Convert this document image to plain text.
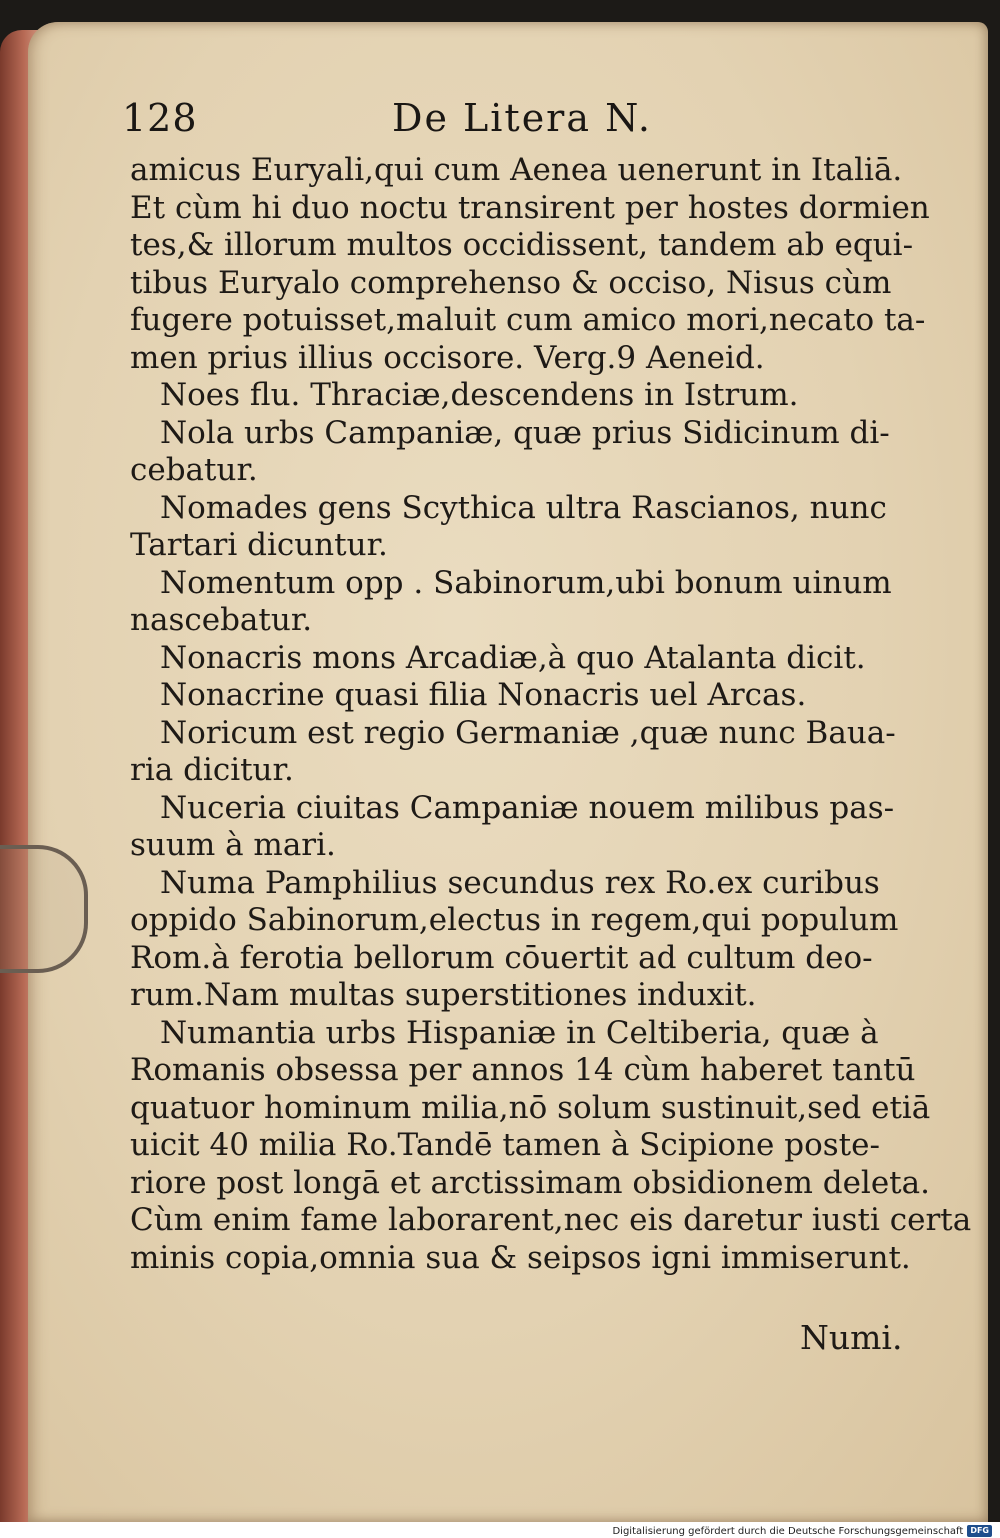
128	De Litera N.
amicus Euryali,qui cum Aenea uenerunt in Italiā.
Et cùm hi duo noctu transirent per hostes dormien
tes,& illorum multos occidissent, tandem ab equi-
tibus Euryalo comprehenso & occiso, Nisus cùm
fugere potuisset,maluit cum amico mori,necato ta-
men prius illius occisore. Verg.9 Aeneid.
Noes flu. Thraciæ,descendens in Istrum.
Nola urbs Campaniæ, quæ prius Sidicinum di-
cebatur.
Nomades gens Scythica ultra Rascianos, nunc
Tartari dicuntur.
Nomentum opp . Sabinorum,ubi bonum uinum
nascebatur.
Nonacris mons Arcadiæ,à quo Atalanta dicit.
Nonacrine quasi filia Nonacris uel Arcas.
Noricum est regio Germaniæ ,quæ nunc Baua-
ria dicitur.
Nuceria ciuitas Campaniæ nouem milibus pas-
suum à mari.
Numa Pamphilius secundus rex Ro.ex curibus
oppido Sabinorum,electus in regem,qui populum
Rom.à ferotia bellorum cōuertit ad cultum deo-
rum.Nam multas superstitiones induxit.
Numantia urbs Hispaniæ in Celtiberia, quæ à
Romanis obsessa per annos 14 cùm haberet tantū
quatuor hominum milia,nō solum sustinuit,sed etiā
uicit 40 milia Ro.Tandē tamen à Scipione poste-
riore post longā et arctissimam obsidionem deleta.
Cùm enim fame laborarent,nec eis daretur iusti certa
minis copia,omnia sua & seipsos igni immiserunt.
Numi.
Digitalisierung gefördert durch die Deutsche Forschungsgemeinschaft DFG
